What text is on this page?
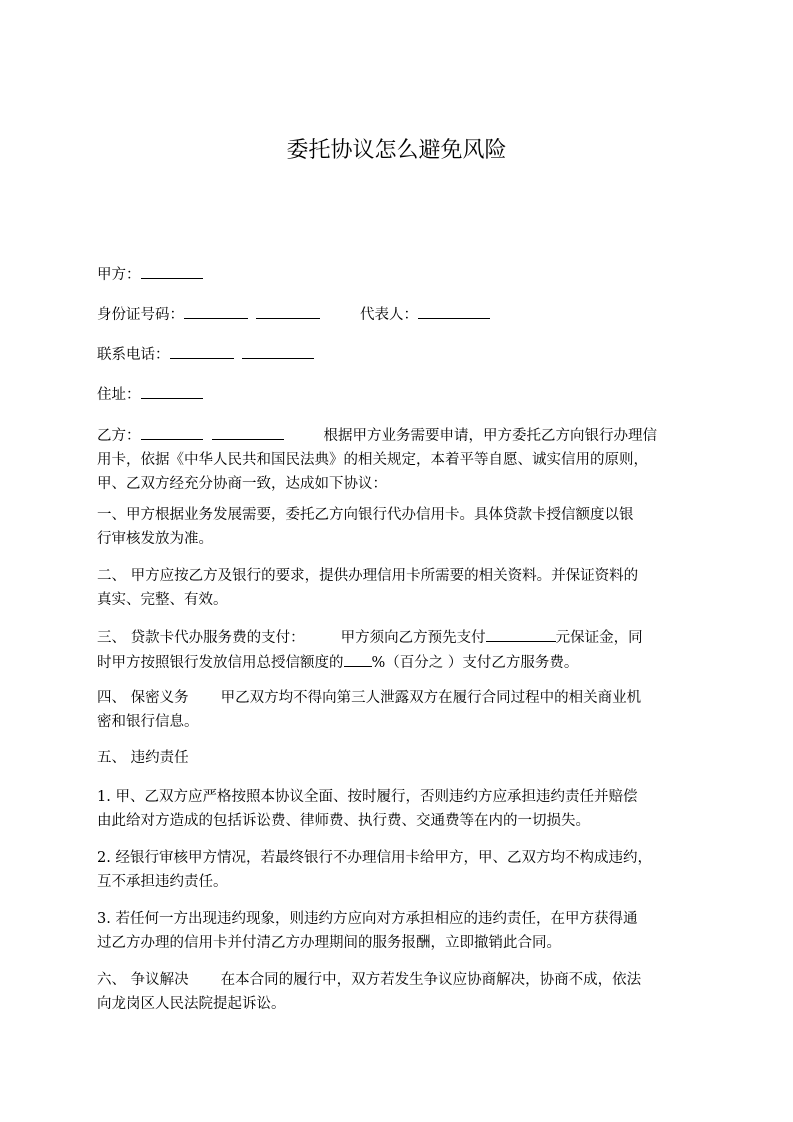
委托协议怎么避免风险
甲方：
身份证号码：	代表人：
联系电话：
住址：
乙方：	根据甲方业务需要申请，甲方委托乙方向银行办理信
用卡，依据《中华人民共和国民法典》的相关规定，本着平等自愿、诚实信用的原则，
甲、乙双方经充分协商一致，达成如下协议：
一、甲方根据业务发展需要，委托乙方向银行代办信用卡。具体贷款卡授信额度以银
行审核发放为准。
二、 甲方应按乙方及银行的要求，提供办理信用卡所需要的相关资料。并保证资料的
真实、完整、有效。
三、 贷款卡代办服务费的支付： 甲方须向乙方预先支付	元保证金，同
时甲方按照银行发放信用总授信额度的 %（百分之 ）支付乙方服务费。
四、 保密义务 甲乙双方均不得向第三人泄露双方在履行合同过程中的相关商业机
密和银行信息。
五、 违约责任
1. 甲、乙双方应严格按照本协议全面、按时履行，否则违约方应承担违约责任并赔偿
由此给对方造成的包括诉讼费、律师费、执行费、交通费等在内的一切损失。
2. 经银行审核甲方情况，若最终银行不办理信用卡给甲方，甲、乙双方均不构成违约，
互不承担违约责任。
3. 若任何一方出现违约现象，则违约方应向对方承担相应的违约责任，在甲方获得通
过乙方办理的信用卡并付清乙方办理期间的服务报酬，立即撤销此合同。
六、 争议解决 在本合同的履行中，双方若发生争议应协商解决，协商不成，依法
向龙岗区人民法院提起诉讼。
